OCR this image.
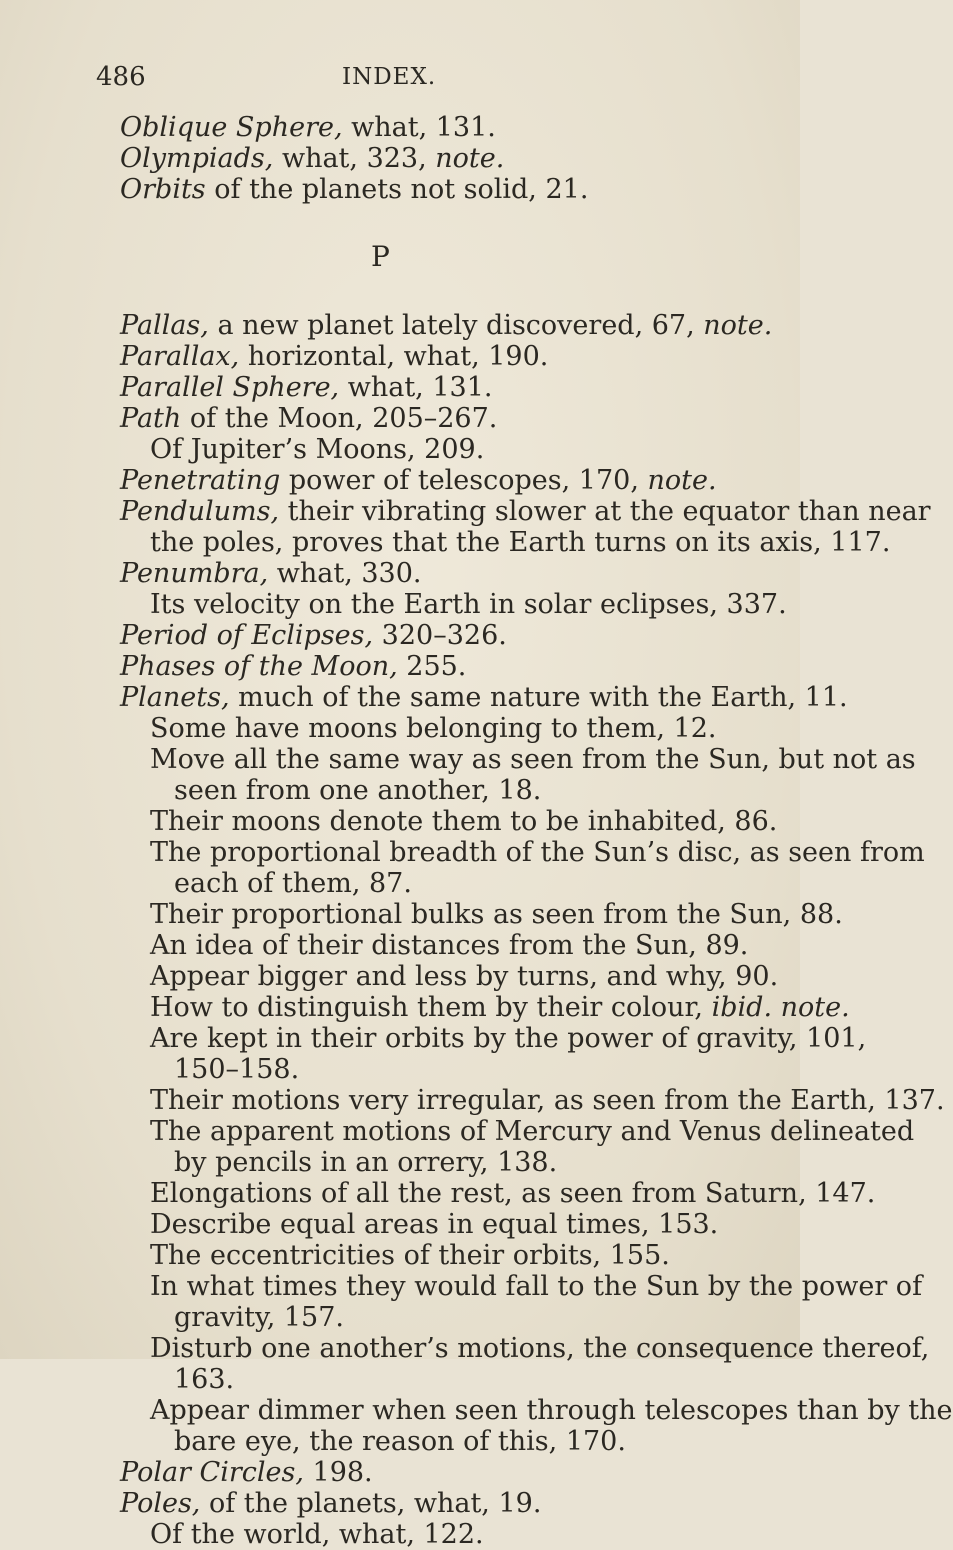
486	INDEX.
Oblique Sphere, what, 131.
Olympiads, what, 323, note.
Orbits of the planets not solid, 21.
P
Pallas, a new planet lately discovered, 67, note.
Parallax, horizontal, what, 190.
Parallel Sphere, what, 131.
Path of the Moon, 205–267.
Of Jupiter’s Moons, 209.
Penetrating power of telescopes, 170, note.
Pendulums, their vibrating slower at the equator than near
the poles, proves that the Earth turns on its axis, 117.
Penumbra, what, 330.
Its velocity on the Earth in solar eclipses, 337.
Period of Eclipses, 320–326.
Phases of the Moon, 255.
Planets, much of the same nature with the Earth, 11.
Some have moons belonging to them, 12.
Move all the same way as seen from the Sun, but not as
seen from one another, 18.
Their moons denote them to be inhabited, 86.
The proportional breadth of the Sun’s disc, as seen from
each of them, 87.
Their proportional bulks as seen from the Sun, 88.
An idea of their distances from the Sun, 89.
Appear bigger and less by turns, and why, 90.
How to distinguish them by their colour, ibid. note.
Are kept in their orbits by the power of gravity, 101,
150–158.
Their motions very irregular, as seen from the Earth, 137.
The apparent motions of Mercury and Venus delineated
by pencils in an orrery, 138.
Elongations of all the rest, as seen from Saturn, 147.
Describe equal areas in equal times, 153.
The eccentricities of their orbits, 155.
In what times they would fall to the Sun by the power of
gravity, 157.
Disturb one another’s motions, the consequence thereof,
163.
Appear dimmer when seen through telescopes than by the
bare eye, the reason of this, 170.
Polar Circles, 198.
Poles, of the planets, what, 19.
Of the world, what, 122.
